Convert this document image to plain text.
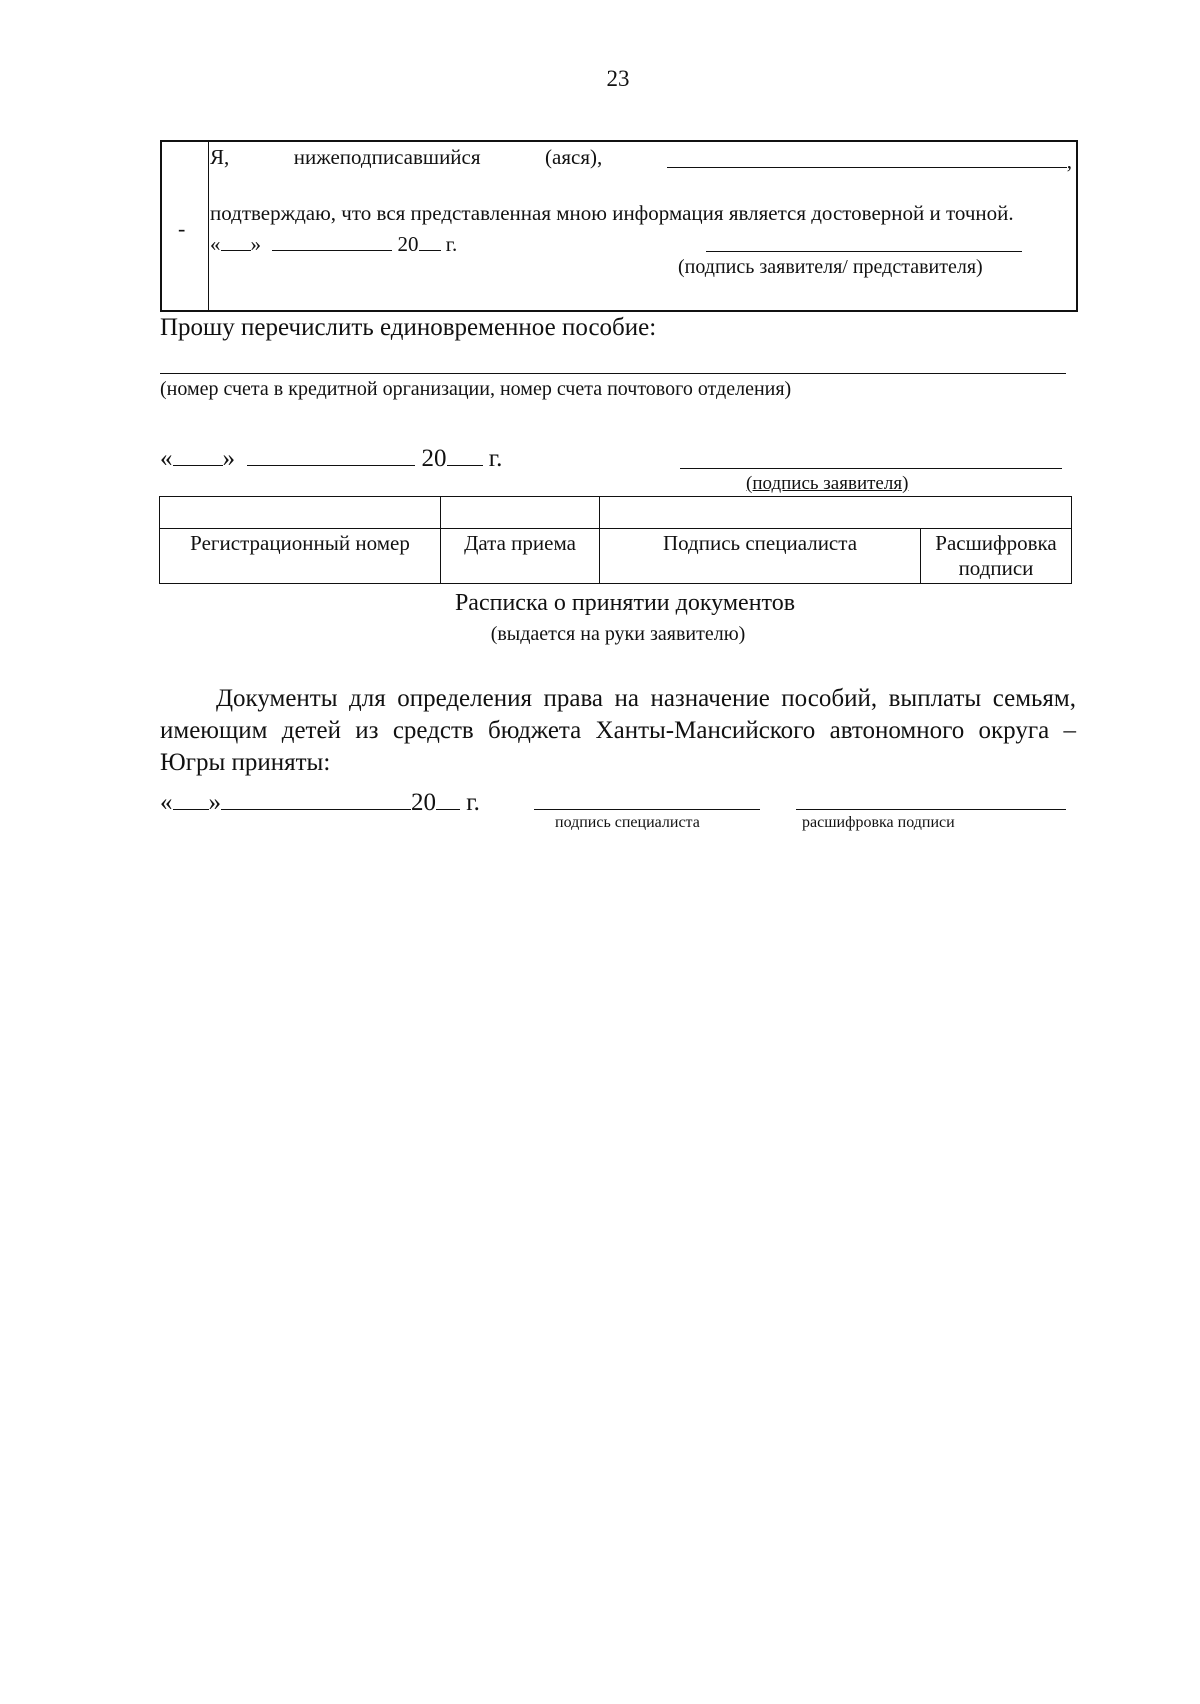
23
-
Я,	нижеподписавшийся	(аяся),	,
подтверждаю, что вся представленная мною информация является достоверной и точной.
« »	20 г.
(подпись заявителя/ представителя)
Прошу перечислить единовременное пособие:
(номер счета в кредитной организации, номер счета почтового отделения)
« »	20 г.
(подпись заявителя)

Регистрационный номер	Дата приема	Подпись специалиста	Расшифровка подписи
Расписка о принятии документов
(выдается на руки заявителю)
Документы для определения права на назначение пособий, выплаты семьям, имеющим детей из средств бюджета Ханты-Мансийского автономного округа – Югры приняты:
« »	20 г.
подпись специалиста	расшифровка подписи
